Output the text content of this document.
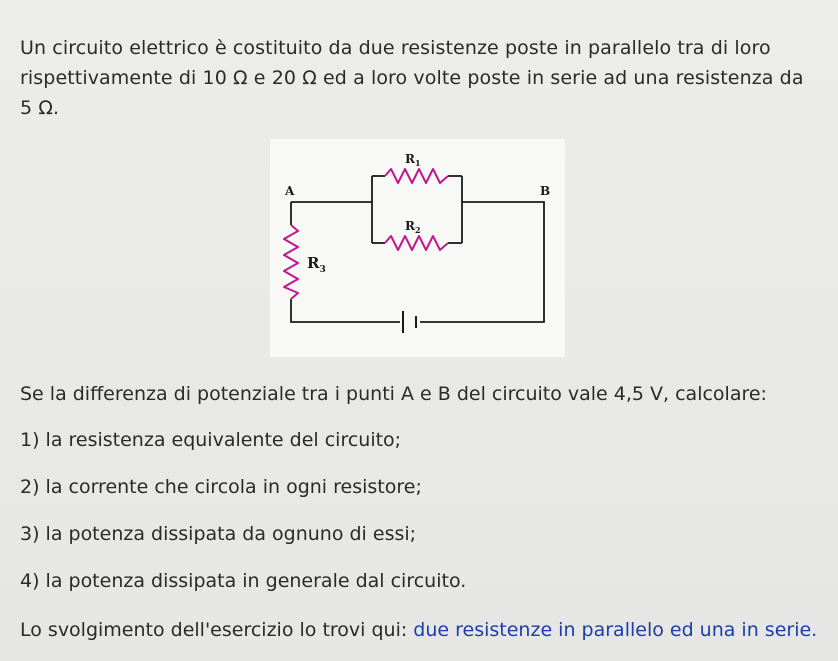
Un circuito elettrico è costituito da due resistenze poste in parallelo tra di loro rispettivamente di 10 Ω e 20 Ω ed a loro volte poste in serie ad una resistenza da 5 Ω.

A	B
$R_1$
$R_2$
$R_3$

Se la differenza di potenziale tra i punti A e B del circuito vale 4,5 V, calcolare:

1) la resistenza equivalente del circuito;
2) la corrente che circola in ogni resistore;
3) la potenza dissipata da ognuno di essi;
4) la potenza dissipata in generale dal circuito.

Lo svolgimento dell'esercizio lo trovi qui: due resistenze in parallelo ed una in serie.
